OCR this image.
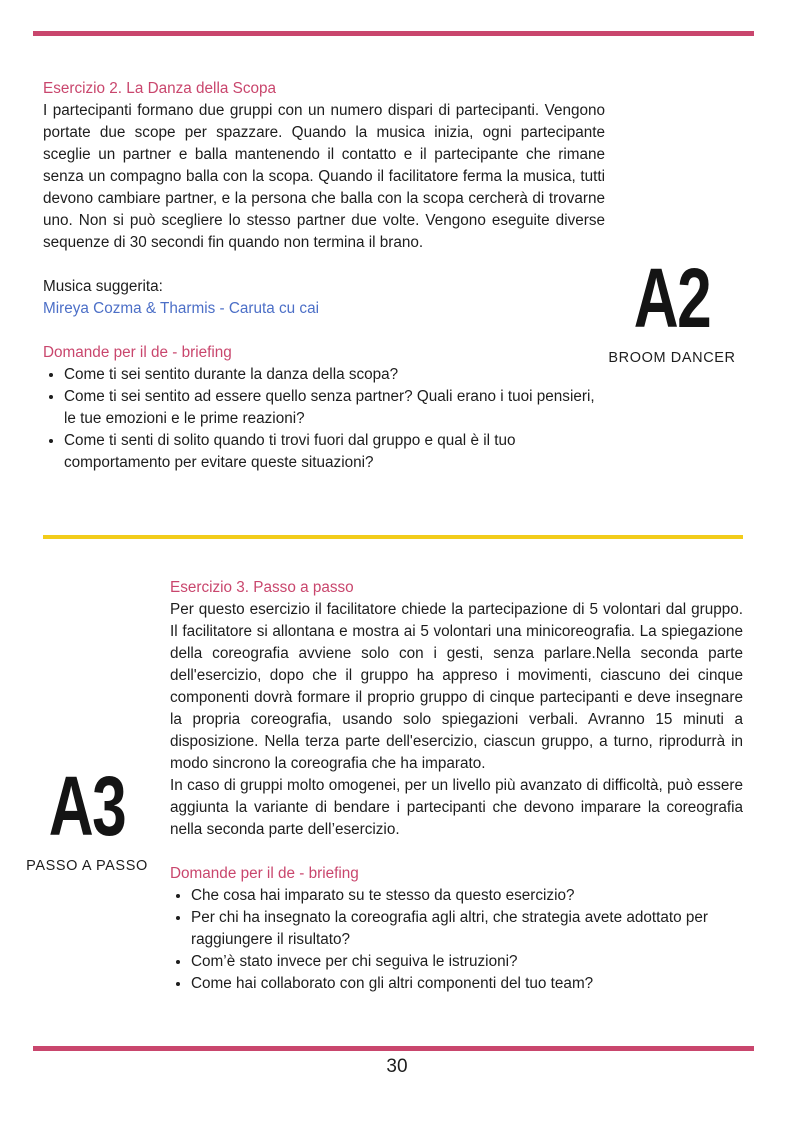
Esercizio 2. La Danza della Scopa

I partecipanti formano due gruppi con un numero dispari di partecipanti. Vengono portate due scope per spazzare. Quando la musica inizia, ogni partecipante sceglie un partner e balla mantenendo il contatto e il partecipante che rimane senza un compagno balla con la scopa. Quando il facilitatore ferma la musica, tutti devono cambiare partner, e la persona che balla con la scopa cercherà di trovarne uno. Non si può scegliere lo stesso partner due volte. Vengono eseguite diverse sequenze di 30 secondi fin quando non termina il brano.

Musica suggerita:
Mireya Cozma & Tharmis - Caruta cu cai
Domande per il de - briefing
• Come ti sei sentito durante la danza della scopa?
• Come ti sei sentito ad essere quello senza partner? Quali erano i tuoi pensieri, le tue emozioni e le prime reazioni?
• Come ti senti di solito quando ti trovi fuori dal gruppo e qual è il tuo comportamento per evitare queste situazioni?
A2
BROOM DANCER
Esercizio 3. Passo a passo

Per questo esercizio il facilitatore chiede la partecipazione di 5 volontari dal gruppo. Il facilitatore si allontana e mostra ai 5 volontari una minicoreografia. La spiegazione della coreografia avviene solo con i gesti, senza parlare.Nella seconda parte dell'esercizio, dopo che il gruppo ha appreso i movimenti, ciascuno dei cinque componenti dovrà formare il proprio gruppo di cinque partecipanti e deve insegnare la propria coreografia, usando solo spiegazioni verbali. Avranno 15 minuti a disposizione. Nella terza parte dell'esercizio, ciascun gruppo, a turno, riprodurrà in modo sincrono la coreografia che ha imparato.

In caso di gruppi molto omogenei, per un livello più avanzato di difficoltà, può essere aggiunta la variante di bendare i partecipanti che devono imparare la coreografia nella seconda parte dell’esercizio.

Domande per il de - briefing
• Che cosa hai imparato su te stesso da questo esercizio?
• Per chi ha insegnato la coreografia agli altri, che strategia avete adottato per raggiungere il risultato?
• Com’è stato invece per chi seguiva le istruzioni?
• Come hai collaborato con gli altri componenti del tuo team?
A3
PASSO A PASSO
30
